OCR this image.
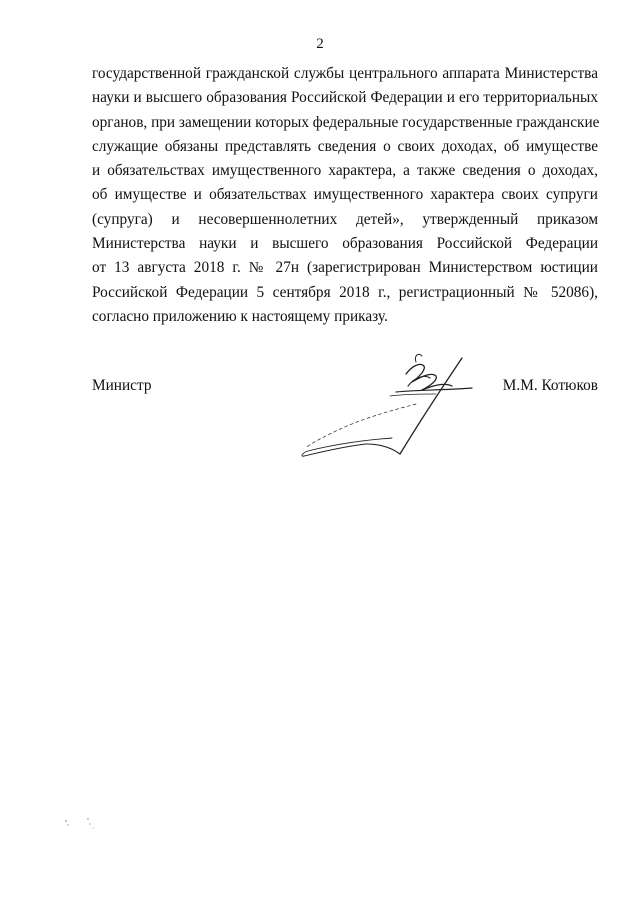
2
государственной гражданской службы центрального аппарата Министерства
науки и высшего образования Российской Федерации и его территориальных
органов, при замещении которых федеральные государственные гражданские
служащие обязаны представлять сведения о своих доходах, об имуществе
и обязательствах имущественного характера, а также сведения о доходах,
об имуществе и обязательствах имущественного характера своих супруги
(супруга) и несовершеннолетних детей», утвержденный приказом
Министерства науки и высшего образования Российской Федерации
от 13 августа 2018 г. № 27н (зарегистрирован Министерством юстиции
Российской Федерации 5 сентября 2018 г., регистрационный № 52086),
согласно приложению к настоящему приказу.
Министр	М.М. Котюков
